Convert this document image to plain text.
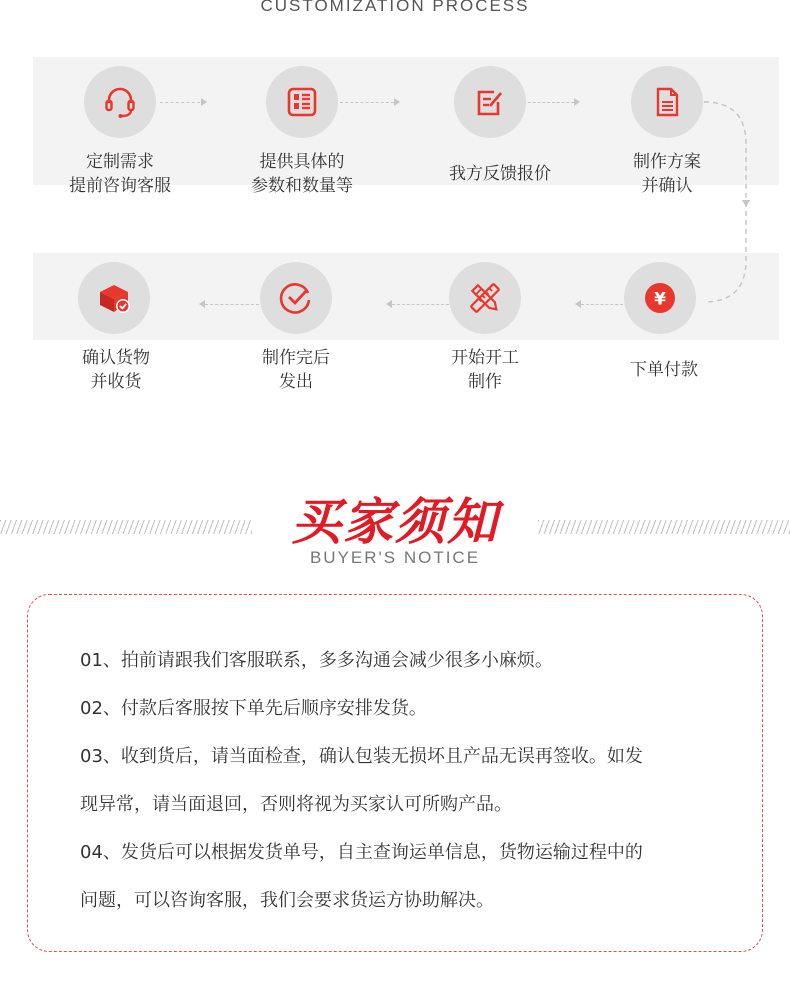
CUSTOMIZATION PROCESS
定制需求
提前咨询客服
提供具体的
参数和数量等
我方反馈报价
制作方案
并确认
¥
下单付款
开始开工
制作
制作完后
发出
确认货物
并收货
买家须知
BUYER'S NOTICE
01、拍前请跟我们客服联系，多多沟通会减少很多小麻烦。
02、付款后客服按下单先后顺序安排发货。
03、收到货后，请当面检查，确认包装无损坏且产品无误再签收。如发
现异常，请当面退回，否则将视为买家认可所购产品。
04、发货后可以根据发货单号，自主查询运单信息，货物运输过程中的
问题，可以咨询客服，我们会要求货运方协助解决。
